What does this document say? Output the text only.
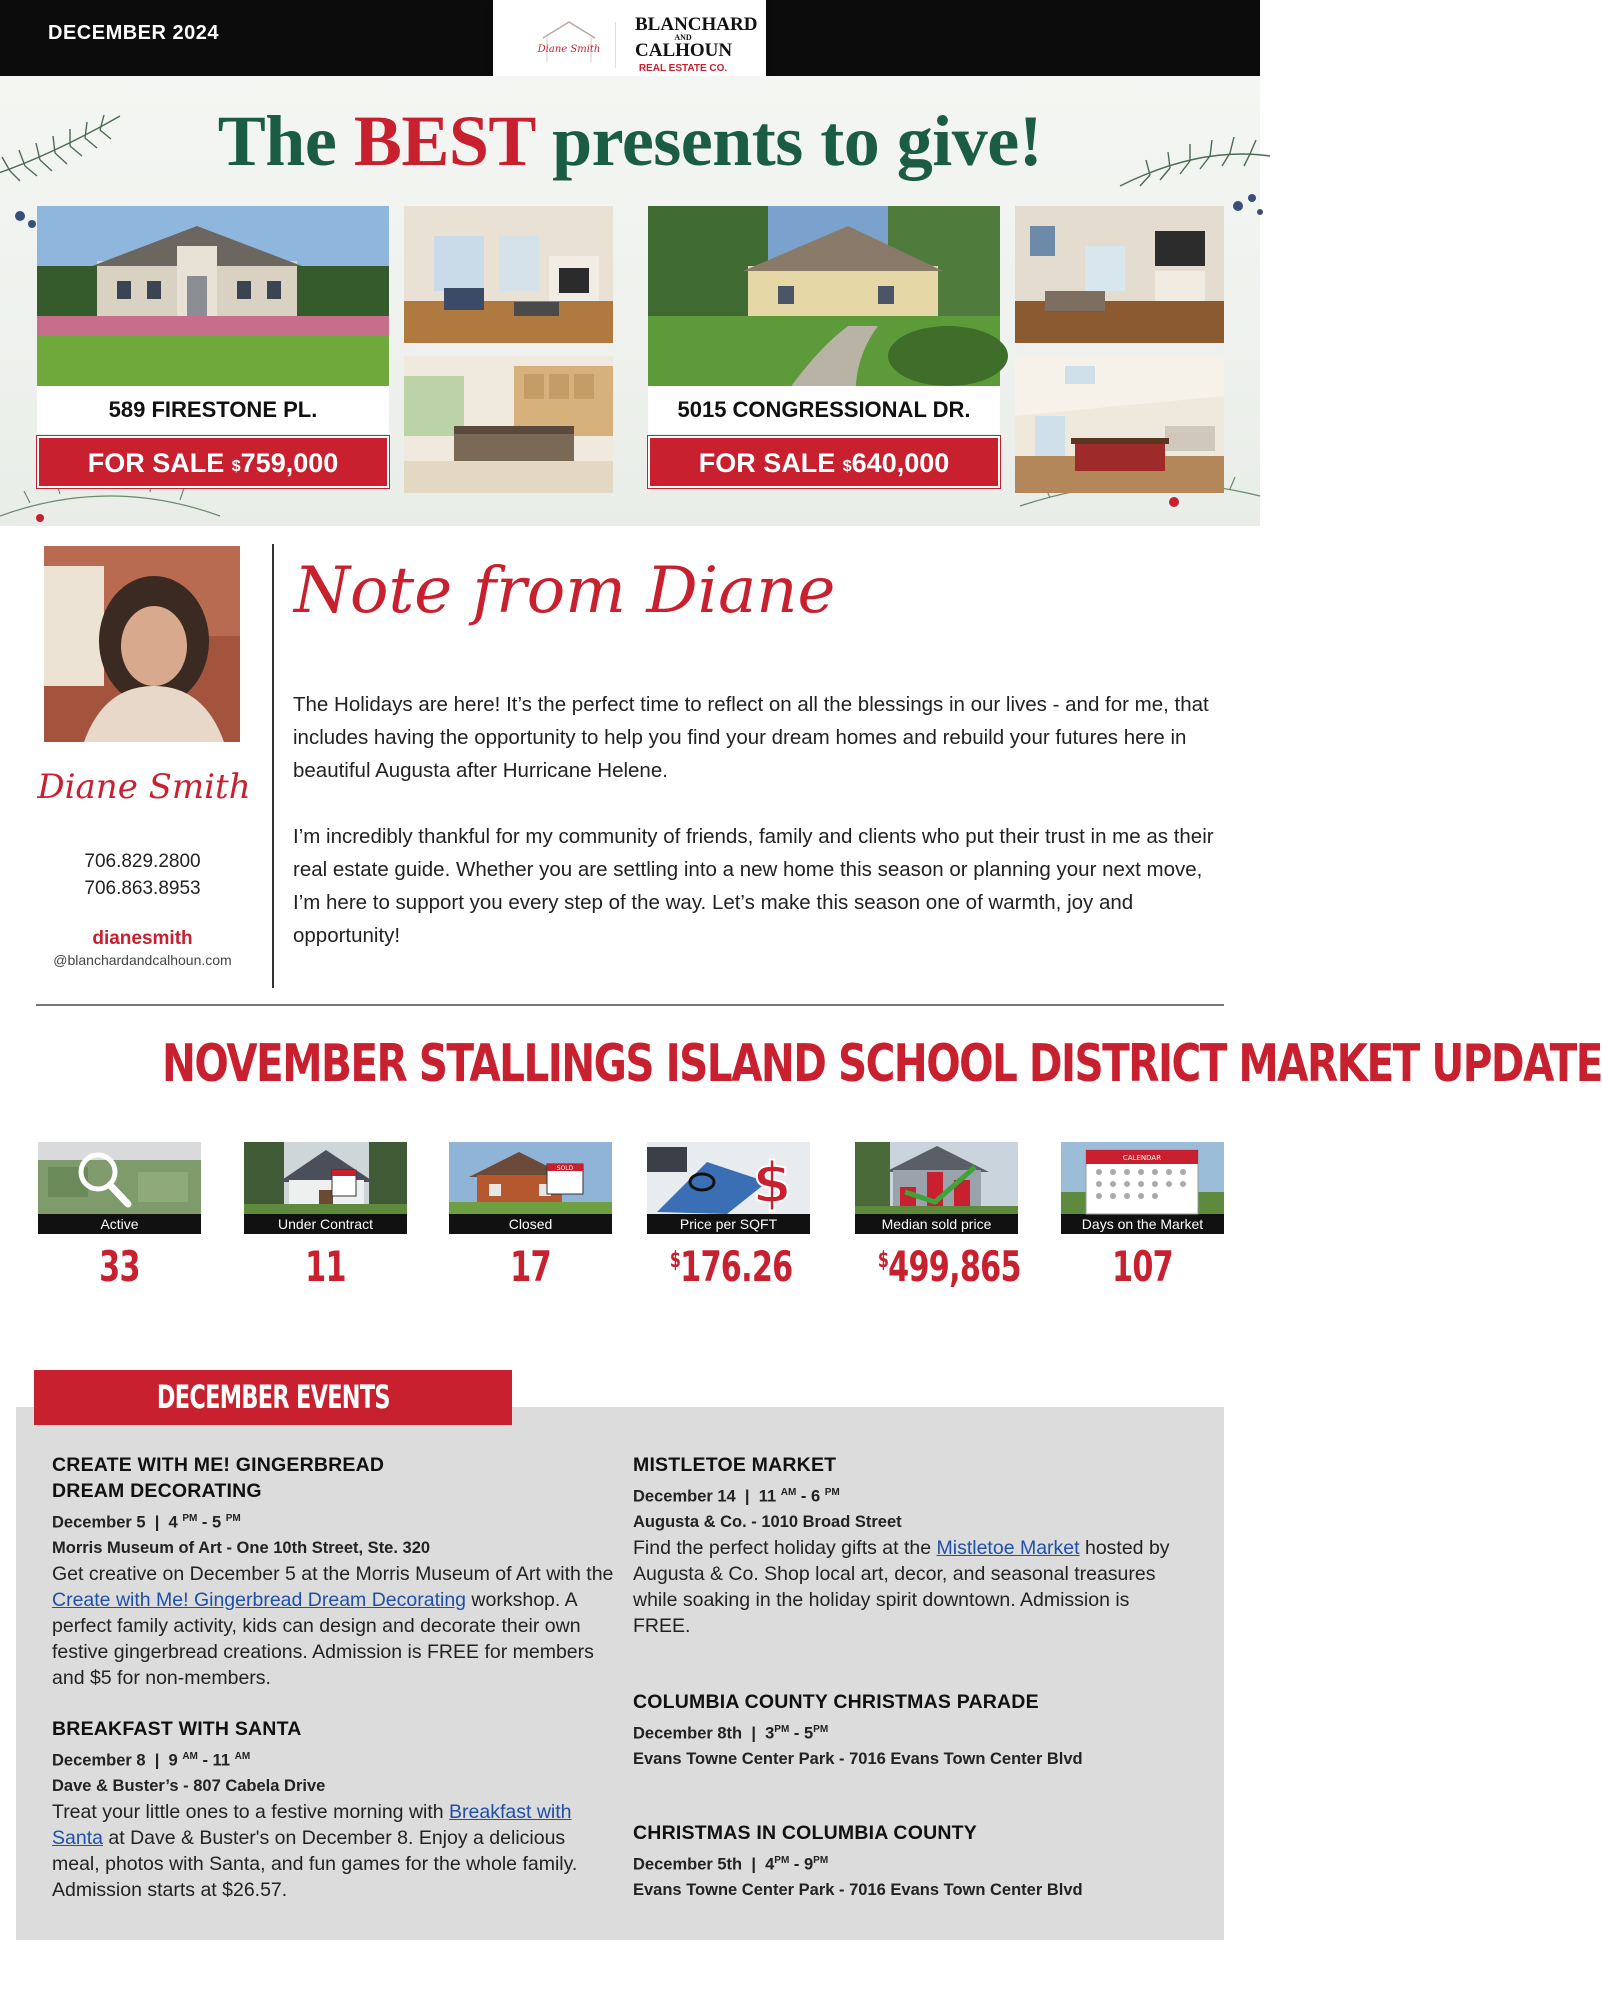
DECEMBER 2024
Diane Smith
BLANCHARD

AND
CALHOUN
REAL ESTATE CO.
The BEST presents to give!
589 FIRESTONE PL.
FOR SALE $759,000
5015 CONGRESSIONAL DR.
FOR SALE $640,000
Diane Smith
706.829.2800
706.863.8953
dianesmith
@blanchardandcalhoun.com
Note from Diane

The Holidays are here! It’s the perfect time to reflect on all the blessings in our lives - and for me, that includes having the opportunity to help you find your dream homes and rebuild your futures here in beautiful Augusta after Hurricane Helene.

I’m incredibly thankful for my community of friends, family and clients who put their trust in me as their real estate guide. Whether you are settling into a new home this season or planning your next move, I’m here to support you every step of the way. Let’s make this season one of warmth, joy and opportunity!

NOVEMBER STALLINGS ISLAND SCHOOL DISTRICT MARKET UPDATE
Active
33
Under Contract
11
SOLD
Closed
17
$
Price per SQFT
$176.26
Median sold price
$499,865
CALENDAR
Days on the Market
107
DECEMBER EVENTS
CREATE WITH ME! GINGERBREAD
DREAM DECORATING
December 5 | 4 $^{PM}$ - 5 $^{PM}$
Morris Museum of Art - One 10th Street, Ste. 320
Get creative on December 5 at the Morris Museum of Art with the Create with Me! Gingerbread Dream Decorating workshop. A perfect family activity, kids can design and decorate their own festive gingerbread creations. Admission is FREE for members and $5 for non-members.
BREAKFAST WITH SANTA
December 8 | 9 $^{AM}$ - 11 $^{AM}$
Dave & Buster’s - 807 Cabela Drive
Treat your little ones to a festive morning with Breakfast with Santa at Dave & Buster's on December 8. Enjoy a delicious meal, photos with Santa, and fun games for the whole family. Admission starts at $26.57.
MISTLETOE MARKET
December 14 | 11 $^{AM}$ - 6 $^{PM}$
Augusta & Co. - 1010 Broad Street
Find the perfect holiday gifts at the Mistletoe Market hosted by Augusta & Co. Shop local art, decor, and seasonal treasures while soaking in the holiday spirit downtown. Admission is FREE.
COLUMBIA COUNTY CHRISTMAS PARADE
December 8th | $3^{PM} - 5^{PM}$
Evans Towne Center Park - 7016 Evans Town Center Blvd
CHRISTMAS IN COLUMBIA COUNTY
December 5th | $4^{PM} - 9^{PM}$
Evans Towne Center Park - 7016 Evans Town Center Blvd
